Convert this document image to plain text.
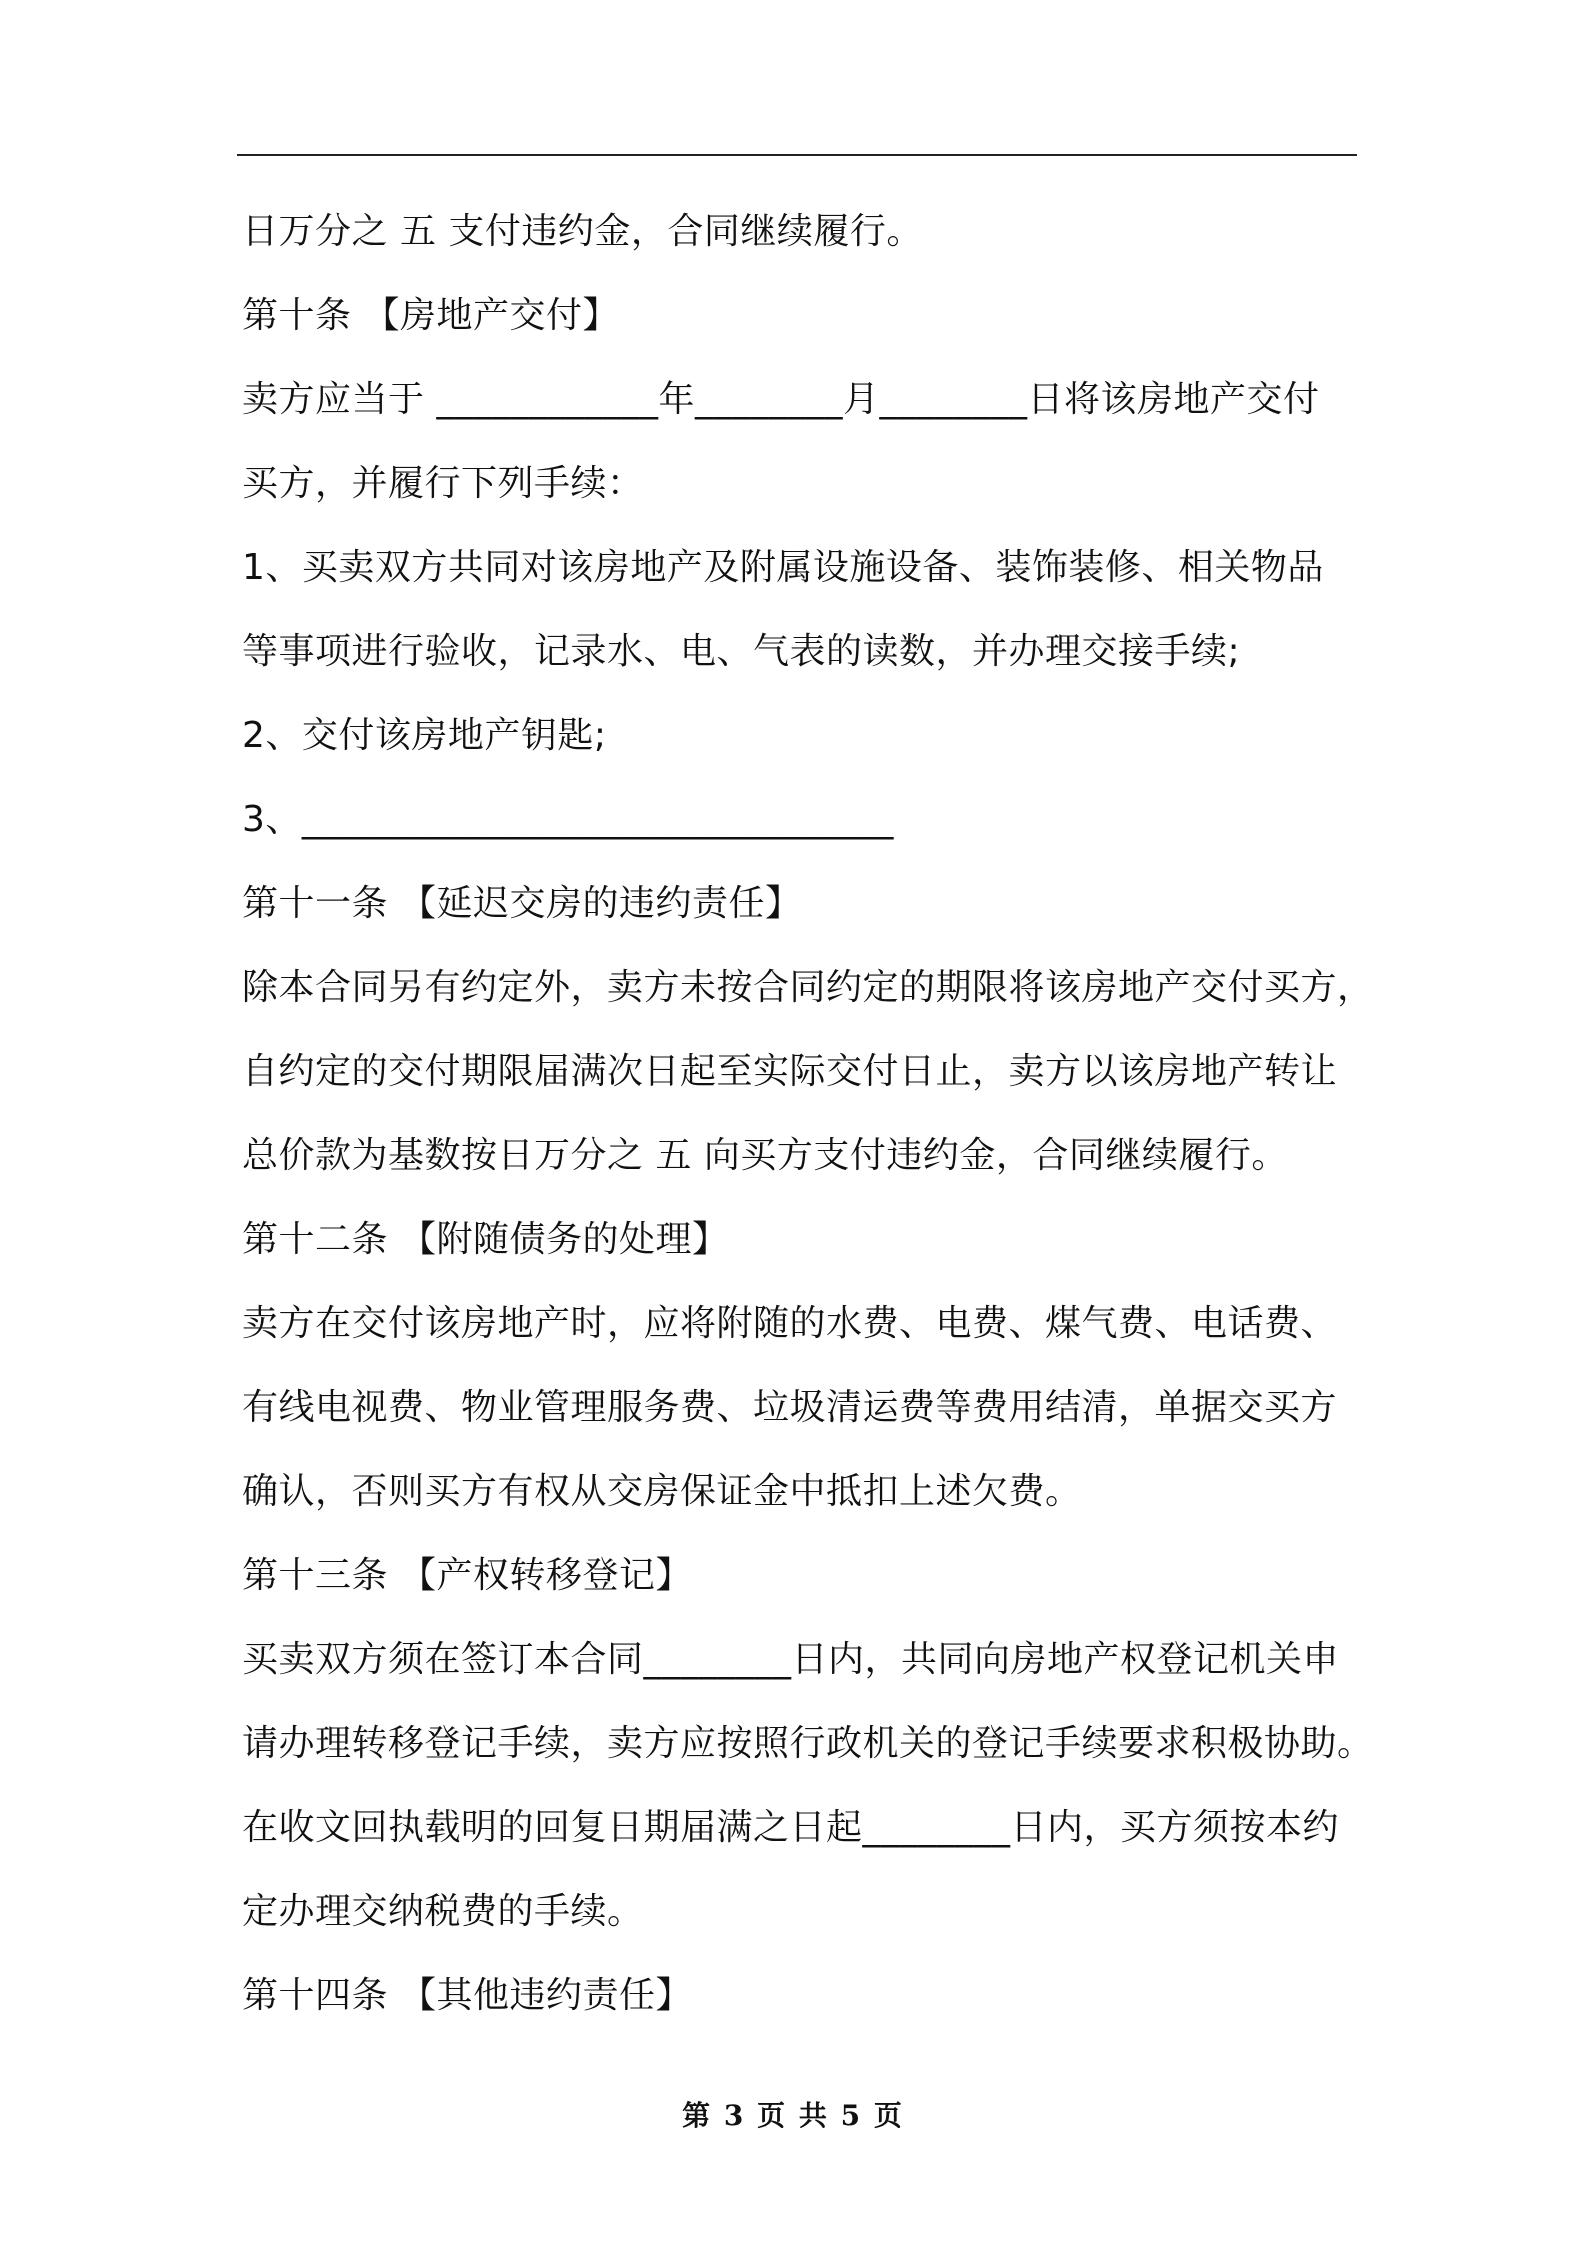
日万分之 五 支付违约金，合同继续履行。
第十条 【房地产交付】
卖方应当于 ____________年________月________日将该房地产交付
买方，并履行下列手续：
1、买卖双方共同对该房地产及附属设施设备、装饰装修、相关物品
等事项进行验收，记录水、电、气表的读数，并办理交接手续;
2、交付该房地产钥匙;
3、________________________________
第十一条 【延迟交房的违约责任】
除本合同另有约定外，卖方未按合同约定的期限将该房地产交付买方，
自约定的交付期限届满次日起至实际交付日止，卖方以该房地产转让
总价款为基数按日万分之 五 向买方支付违约金，合同继续履行。
第十二条 【附随债务的处理】
卖方在交付该房地产时，应将附随的水费、电费、煤气费、电话费、
有线电视费、物业管理服务费、垃圾清运费等费用结清，单据交买方
确认，否则买方有权从交房保证金中抵扣上述欠费。
第十三条 【产权转移登记】
买卖双方须在签订本合同________日内，共同向房地产权登记机关申
请办理转移登记手续，卖方应按照行政机关的登记手续要求积极协助。
在收文回执载明的回复日期届满之日起________日内，买方须按本约
定办理交纳税费的手续。
第十四条 【其他违约责任】
第 3 页 共 5 页
